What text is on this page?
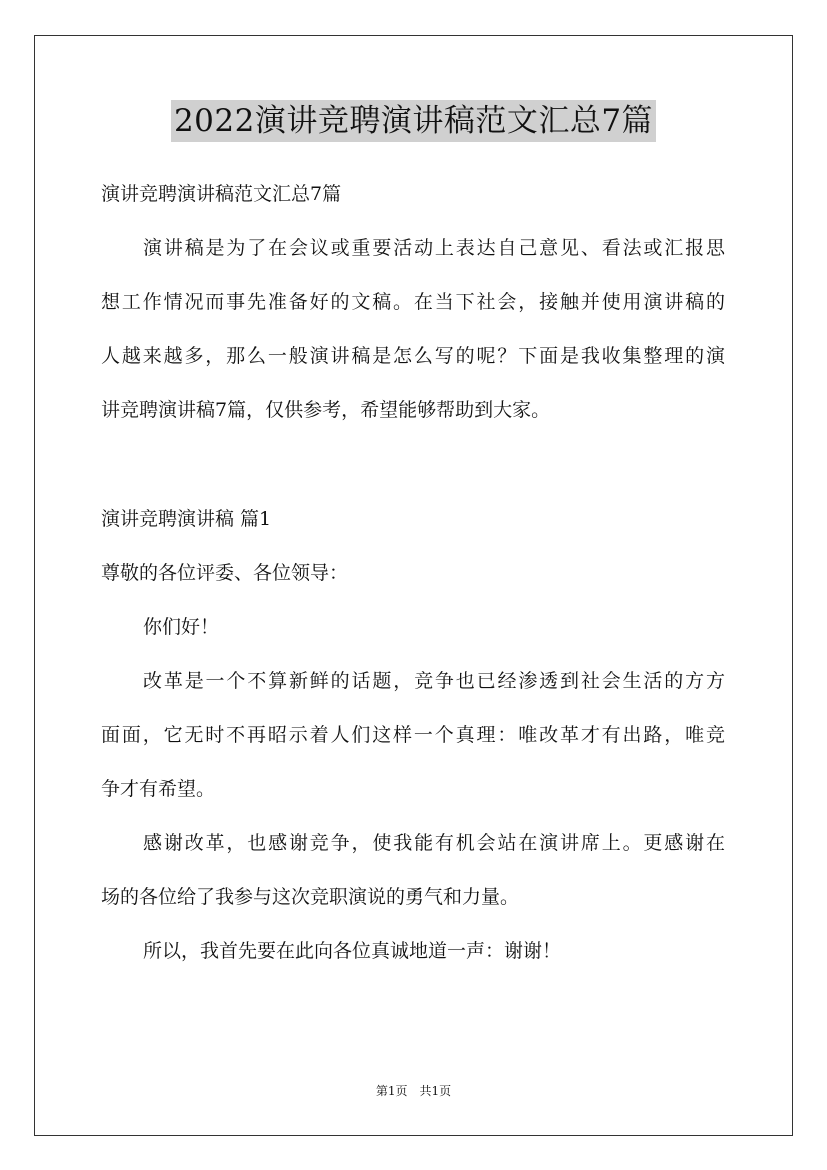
2022演讲竞聘演讲稿范文汇总7篇
演讲竞聘演讲稿范文汇总7篇
演讲稿是为了在会议或重要活动上表达自己意见、看法或汇报思
想工作情况而事先准备好的文稿。在当下社会，接触并使用演讲稿的
人越来越多，那么一般演讲稿是怎么写的呢？下面是我收集整理的演
讲竞聘演讲稿7篇，仅供参考，希望能够帮助到大家。
演讲竞聘演讲稿 篇1
尊敬的各位评委、各位领导：
你们好！
改革是一个不算新鲜的话题，竞争也已经渗透到社会生活的方方
面面，它无时不再昭示着人们这样一个真理：唯改革才有出路，唯竞
争才有希望。
感谢改革，也感谢竞争，使我能有机会站在演讲席上。更感谢在
场的各位给了我参与这次竞职演说的勇气和力量。
所以，我首先要在此向各位真诚地道一声：谢谢！
第1页　共1页
